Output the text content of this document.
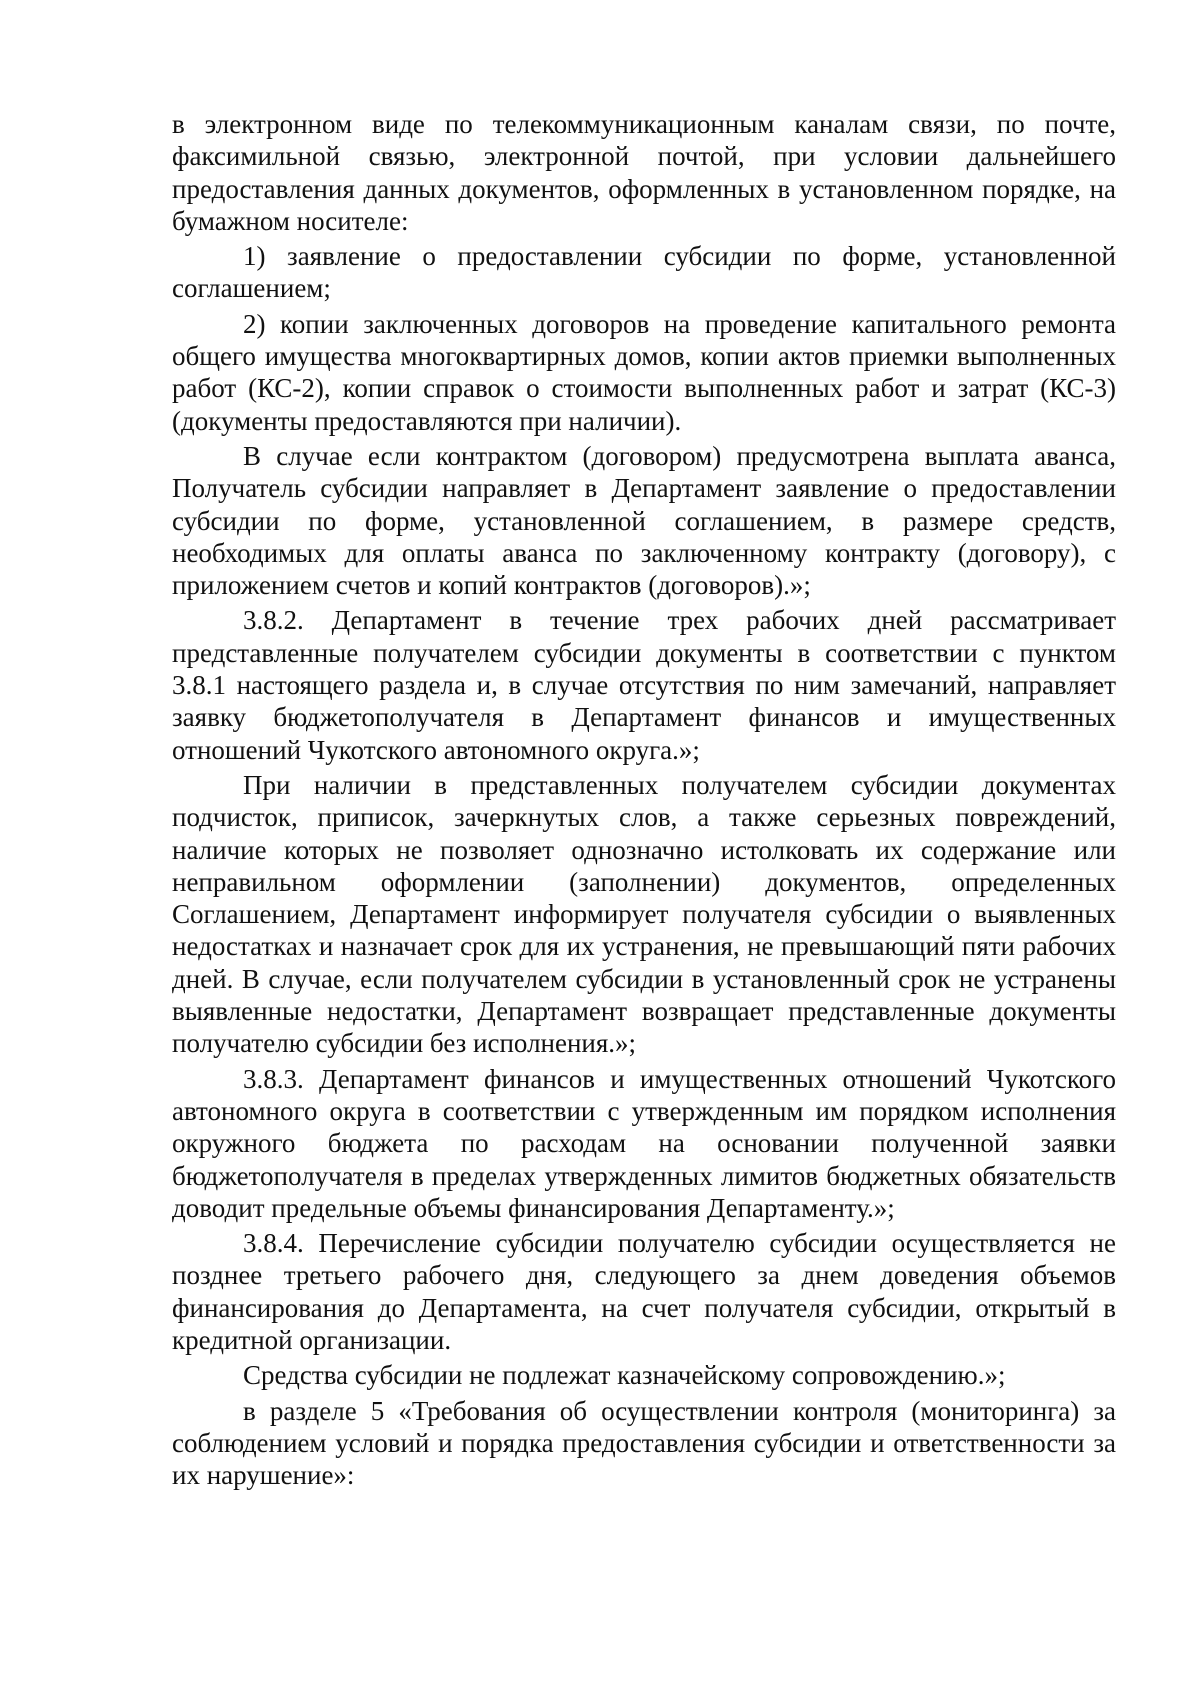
в электронном виде по телекоммуникационным каналам связи, по почте, факсимильной связью, электронной почтой, при условии дальнейшего предоставления данных документов, оформленных в установленном порядке, на бумажном носителе:

1) заявление о предоставлении субсидии по форме, установленной соглашением;

2) копии заключенных договоров на проведение капитального ремонта общего имущества многоквартирных домов, копии актов приемки выполненных работ (КС-2), копии справок о стоимости выполненных работ и затрат (КС-3) (документы предоставляются при наличии).

В случае если контрактом (договором) предусмотрена выплата аванса, Получатель субсидии направляет в Департамент заявление о предоставлении субсидии по форме, установленной соглашением, в размере средств, необходимых для оплаты аванса по заключенному контракту (договору), с приложением счетов и копий контрактов (договоров).»;

3.8.2. Департамент в течение трех рабочих дней рассматривает представленные получателем субсидии документы в соответствии с пунктом 3.8.1 настоящего раздела и, в случае отсутствия по ним замечаний, направляет заявку бюджетополучателя в Департамент финансов и имущественных отношений Чукотского автономного округа.»;

При наличии в представленных получателем субсидии документах подчисток, приписок, зачеркнутых слов, а также серьезных повреждений, наличие которых не позволяет однозначно истолковать их содержание или неправильном оформлении (заполнении) документов, определенных Соглашением, Департамент информирует получателя субсидии о выявленных недостатках и назначает срок для их устранения, не превышающий пяти рабочих дней. В случае, если получателем субсидии в установленный срок не устранены выявленные недостатки, Департамент возвращает представленные документы получателю субсидии без исполнения.»;

3.8.3. Департамент финансов и имущественных отношений Чукотского автономного округа в соответствии с утвержденным им порядком исполнения окружного бюджета по расходам на основании полученной заявки бюджетополучателя в пределах утвержденных лимитов бюджетных обязательств доводит предельные объемы финансирования Департаменту.»;

3.8.4. Перечисление субсидии получателю субсидии осуществляется не позднее третьего рабочего дня, следующего за днем доведения объемов финансирования до Департамента, на счет получателя субсидии, открытый в кредитной организации.

Средства субсидии не подлежат казначейскому сопровождению.»;

в разделе 5 «Требования об осуществлении контроля (мониторинга) за соблюдением условий и порядка предоставления субсидии и ответственности за их нарушение»:
